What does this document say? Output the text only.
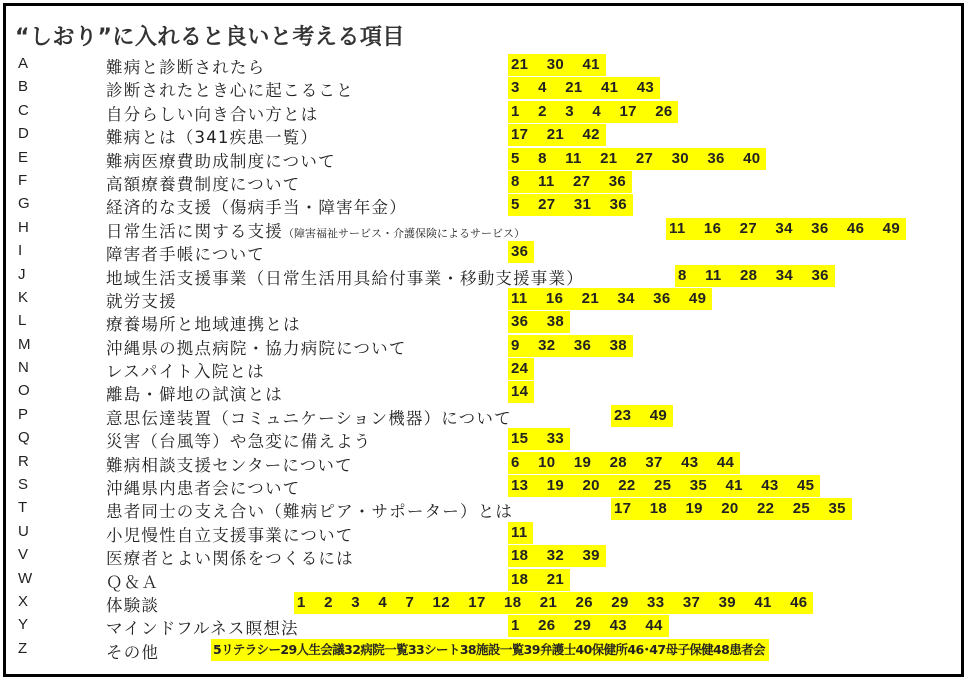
“しおり”に入れると良いと考える項目
A	難病と診断されたら	21 30 41
B	診断されたとき心に起こること	3 4 21 41 43
C	自分らしい向き合い方とは	1 2 3 4 17 26
D	難病とは（341疾患一覧）	17 21 42
E	難病医療費助成制度について	5 8 11 21 27 30 36 40
F	高額療養費制度について	8 11 27 36
G	経済的な支援（傷病手当・障害年金）	5 27 31 36
H	日常生活に関する支援（障害福祉サービス・介護保険によるサービス）	11 16 27 34 36 46 49
I	障害者手帳について	36
J	地域生活支援事業（日常生活用具給付事業・移動支援事業）	8 11 28 34 36
K	就労支援	11 16 21 34 36 49
L	療養場所と地域連携とは	36 38
M	沖縄県の拠点病院・協力病院について	9 32 36 38
N	レスパイト入院とは	24
O	離島・僻地の試演とは	14
P	意思伝達装置（コミュニケーション機器）について	23 49
Q	災害（台風等）や急変に備えよう	15 33
R	難病相談支援センターについて	6 10 19 28 37 43 44
S	沖縄県内患者会について	13 19 20 22 25 35 41 43 45
T	患者同士の支え合い（難病ピア・サポーター）とは	17 18 19 20 22 25 35
U	小児慢性自立支援事業について	11
V	医療者とよい関係をつくるには	18 32 39
W	Ｑ＆Ａ	18 21
X	体験談	1 2 3 4 7 12 17 18 21 26 29 33 37 39 41 46
Y	マインドフルネス瞑想法	1 26 29 43 44
Z	その他	5リテラシー29人生会議32病院一覧33シート38施設一覧39弁護士40保健所46･47母子保健48患者会
